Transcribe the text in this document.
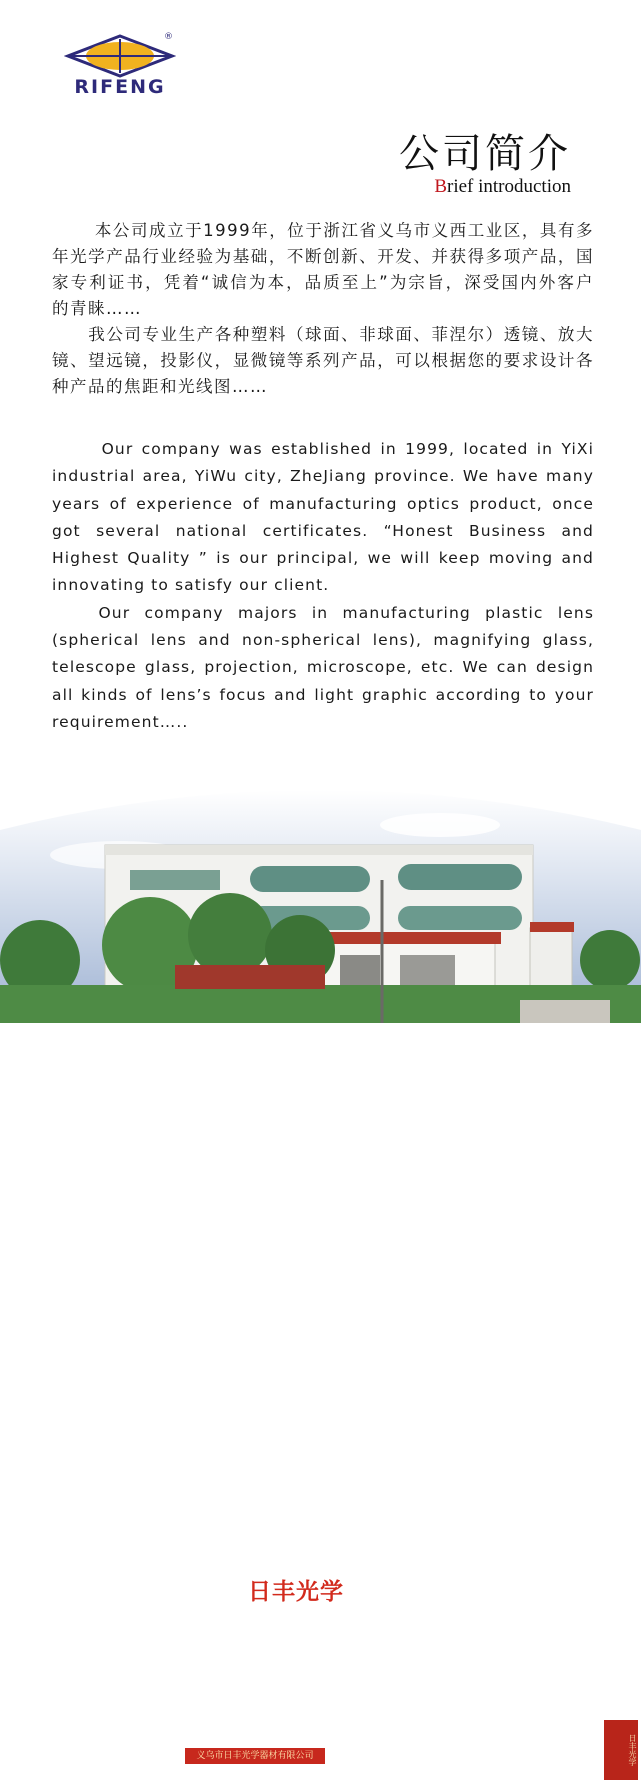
®
RIFENG
公司简介
Brief introduction

本公司成立于1999年，位于浙江省义乌市义西工业区，具有多年光学产品行业经验为基础，不断创新、开发、并获得多项产品，国家专利证书，凭着“诚信为本，品质至上”为宗旨，深受国内外客户的青睐……

我公司专业生产各种塑料（球面、非球面、菲涅尔）透镜、放大镜、望远镜，投影仪，显微镜等系列产品，可以根据您的要求设计各种产品的焦距和光线图……

Our company was established in 1999, located in YiXi industrial area, YiWu city, ZheJiang province. We have many years of experience of manufacturing optics product, once got several national certificates. “Honest Business and Highest Quality ” is our principal, we will keep moving and innovating to satisfy our client.

Our company majors in manufacturing plastic lens (spherical lens and non-spherical lens), magnifying glass, telescope glass, projection, microscope, etc. We can design all kinds of lens’s focus and light graphic according to your requirement…..

日丰光学
义乌市日丰光学器材有限公司	日丰光学
